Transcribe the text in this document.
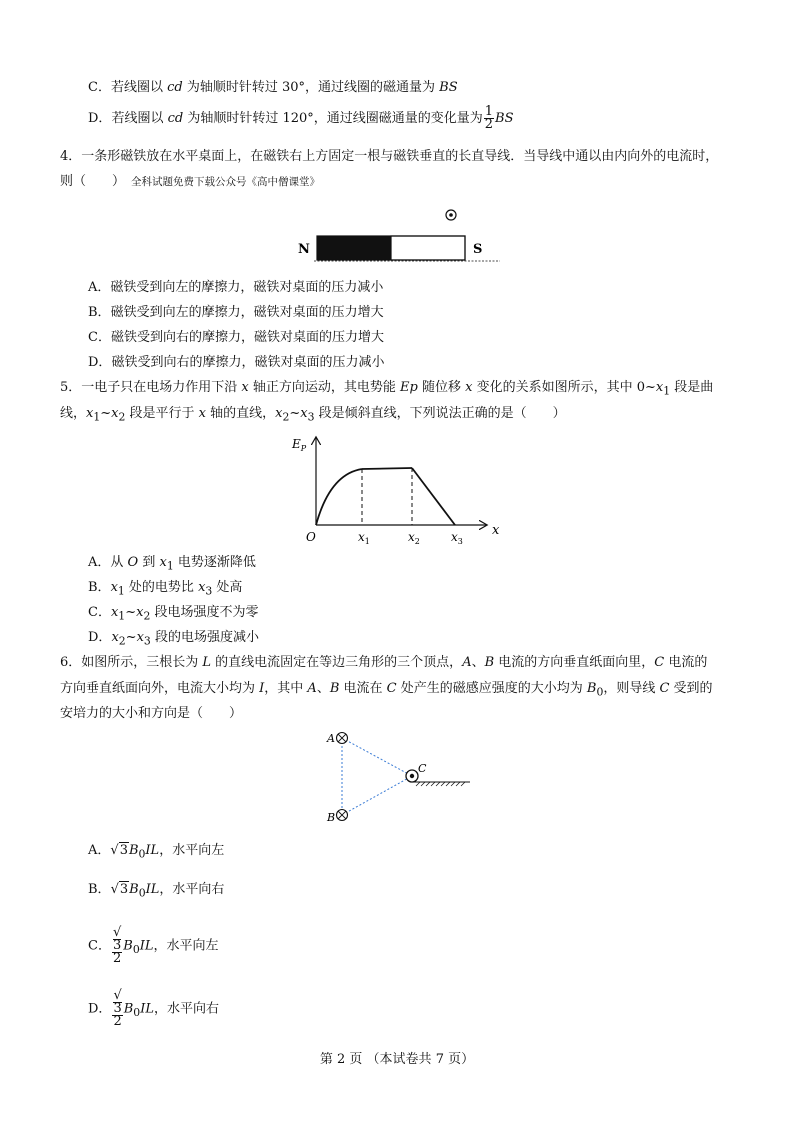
C．若线圈以 cd 为轴顺时针转过 30°，通过线圈的磁通量为 BS
D．若线圈以 cd 为轴顺时针转过 120°，通过线圈磁通量的变化量为 $\frac{1}{2}$ BS
4．一条形磁铁放在水平桌面上，在磁铁右上方固定一根与磁铁垂直的长直导线．当导线中通以由内向外的电流时，
则（　　） 全科试题免费下载公众号《高中僧课堂》
N	S
A．磁铁受到向左的摩擦力，磁铁对桌面的压力减小
B．磁铁受到向左的摩擦力，磁铁对桌面的压力增大
C．磁铁受到向右的摩擦力，磁铁对桌面的压力增大
D．磁铁受到向右的摩擦力，磁铁对桌面的压力减小
5．一电子只在电场力作用下沿 x 轴正方向运动，其电势能 Ep 随位移 x 变化的关系如图所示，其中 $0\sim x_1$ 段是曲
线，$x_1\sim x_2$ 段是平行于 x 轴的直线，$x_2\sim x_3$ 段是倾斜直线，下列说法正确的是（　　）
$E_P$
x
O	$x_1$	$x_2$	$x_3$
A．从 O 到 $x_1$ 电势逐渐降低
B．$x_1$ 处的电势比 $x_3$ 处高
C．$x_1\sim x_2$ 段电场强度不为零
D．$x_2\sim x_3$ 段的电场强度减小
6．如图所示，三根长为 L 的直线电流固定在等边三角形的三个顶点，A、B 电流的方向垂直纸面向里，C 电流的
方向垂直纸面向外，电流大小均为 I，其中 A、B 电流在 C 处产生的磁感应强度的大小均为 $B_0$，则导线 C 受到的
安培力的大小和方向是（　　）
A
B
C
A．$√3B_0IL$，水平向左
B．$√3B_0IL$，水平向右
C． √
3
2 $B_0IL$，水平向左
D． √
3
2 $B_0IL$，水平向右
第 2 页 （本试卷共 7 页）
